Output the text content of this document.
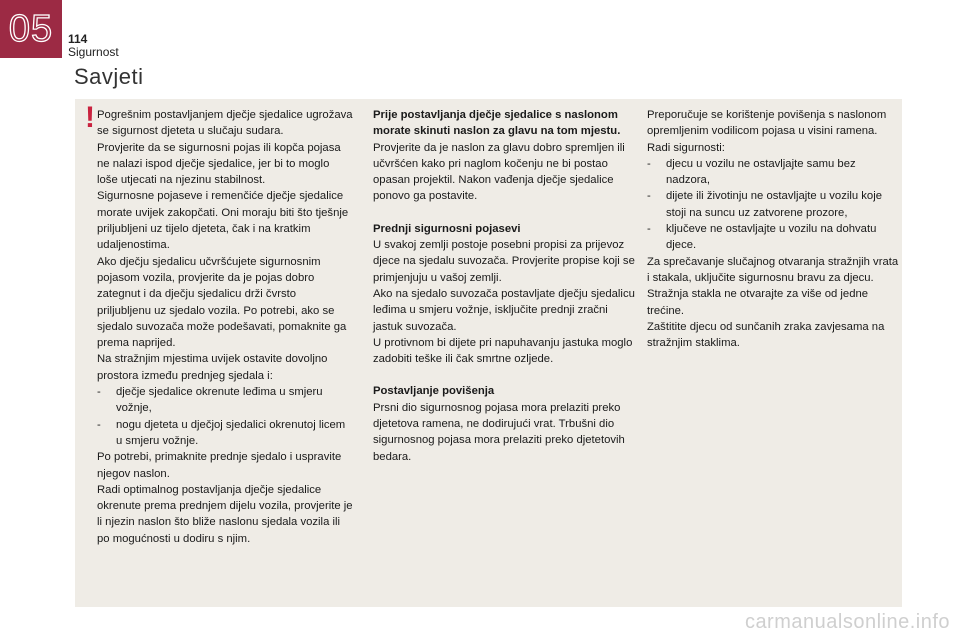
05 114
Sigurnost
Savjeti
! Pogrešnim postavljanjem dječje sjedalice ugrožava se sigurnost djeteta u slučaju sudara.

Provjerite da se sigurnosni pojas ili kopča pojasa ne nalazi ispod dječje sjedalice, jer bi to moglo loše utjecati na njezinu stabilnost.

Sigurnosne pojaseve i remenčiće dječje sjedalice morate uvijek zakopčati. Oni moraju biti što tješnje priljubljeni uz tijelo djeteta, čak i na kratkim udaljenostima.

Ako dječju sjedalicu učvršćujete sigurnosnim pojasom vozila, provjerite da je pojas dobro zategnut i da dječju sjedalicu drži čvrsto priljubljenu uz sjedalo vozila. Po potrebi, ako se sjedalo suvozača može podešavati, pomaknite ga prema naprijed.

Na stražnjim mjestima uvijek ostavite dovoljno prostora između prednjeg sjedala i:

- dječje sjedalice okrenute leđima u smjeru vožnje,
- nogu djeteta u dječjoj sjedalici okrenutoj licem u smjeru vožnje.

Po potrebi, primaknite prednje sjedalo i uspravite njegov naslon.

Radi optimalnog postavljanja dječje sjedalice okrenute prema prednjem dijelu vozila, provjerite je li njezin naslon što bliže naslonu sjedala vozila ili po mogućnosti u dodiru s njim.

Prije postavljanja dječje sjedalice s naslonom morate skinuti naslon za glavu na tom mjestu.

Provjerite da je naslon za glavu dobro spremljen ili učvršćen kako pri naglom kočenju ne bi postao opasan projektil. Nakon vađenja dječje sjedalice ponovo ga postavite.

Prednji sigurnosni pojasevi

U svakoj zemlji postoje posebni propisi za prijevoz djece na sjedalu suvozača. Provjerite propise koji se primjenjuju u vašoj zemlji.

Ako na sjedalo suvozača postavljate dječju sjedalicu leđima u smjeru vožnje, isključite prednji zračni jastuk suvozača.

U protivnom bi dijete pri napuhavanju jastuka moglo zadobiti teške ili čak smrtne ozljede.

Postavljanje povišenja

Prsni dio sigurnosnog pojasa mora prelaziti preko djetetova ramena, ne dodirujući vrat. Trbušni dio sigurnosnog pojasa mora prelaziti preko djetetovih bedara.

Preporučuje se korištenje povišenja s naslonom opremljenim vodilicom pojasa u visini ramena.

Radi sigurnosti:

- djecu u vozilu ne ostavljajte samu bez nadzora,
- dijete ili životinju ne ostavljajte u vozilu koje stoji na suncu uz zatvorene prozore,
- ključeve ne ostavljajte u vozilu na dohvatu djece.

Za sprečavanje slučajnog otvaranja stražnjih vrata i stakala, uključite sigurnosnu bravu za djecu.

Stražnja stakla ne otvarajte za više od jedne trećine.

Zaštitite djecu od sunčanih zraka zavjesama na stražnjim staklima.

carmanualsonline.info
